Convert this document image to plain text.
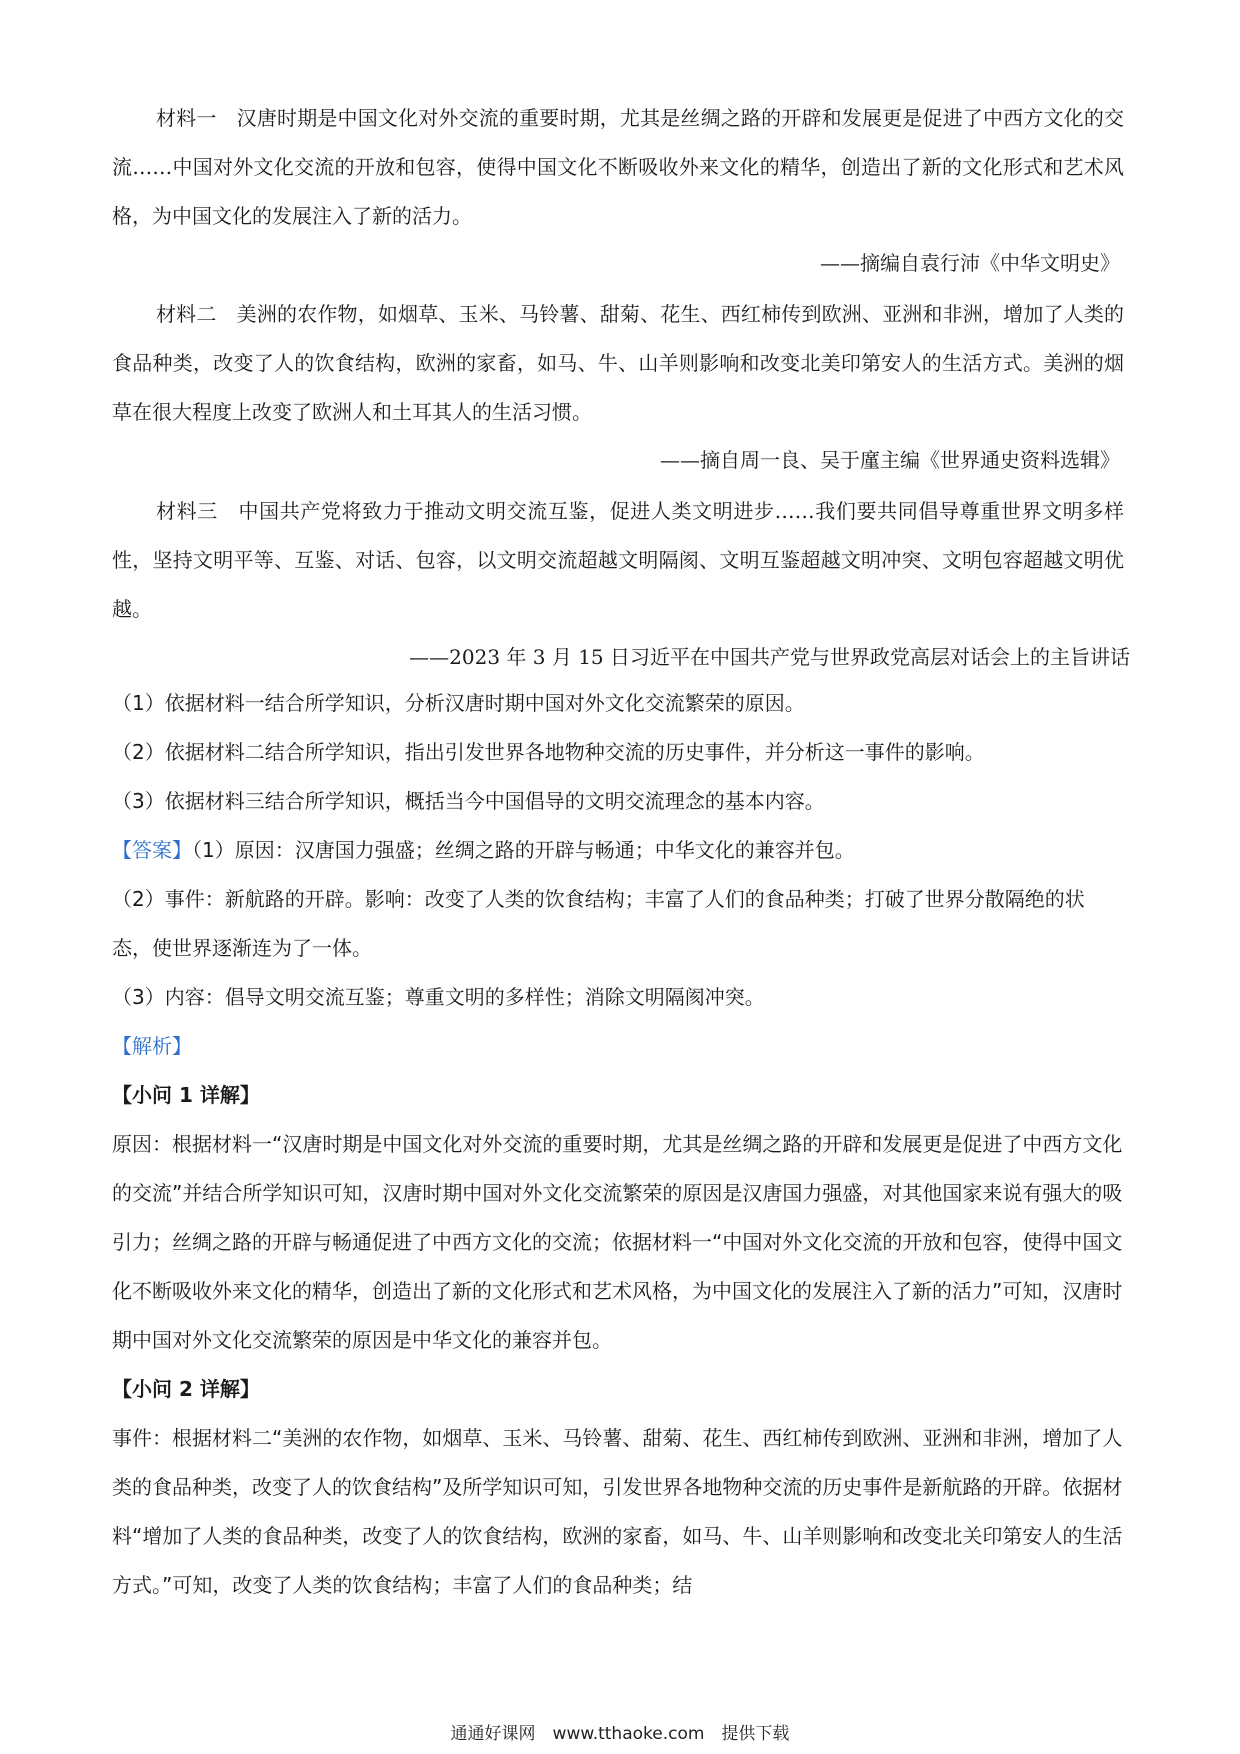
材料一　汉唐时期是中国文化对外交流的重要时期，尤其是丝绸之路的开辟和发展更是促进了中西方文化的交流……中国对外文化交流的开放和包容，使得中国文化不断吸收外来文化的精华，创造出了新的文化形式和艺术风格，为中国文化的发展注入了新的活力。

——摘编自袁行沛《中华文明史》

材料二　美洲的农作物，如烟草、玉米、马铃薯、甜菊、花生、西红柿传到欧洲、亚洲和非洲，增加了人类的食品种类，改变了人的饮食结构，欧洲的家畜，如马、牛、山羊则影响和改变北美印第安人的生活方式。美洲的烟草在很大程度上改变了欧洲人和土耳其人的生活习惯。

——摘自周一良、吴于廑主编《世界通史资料选辑》

材料三　中国共产党将致力于推动文明交流互鉴，促进人类文明进步……我们要共同倡导尊重世界文明多样性，坚持文明平等、互鉴、对话、包容，以文明交流超越文明隔阂、文明互鉴超越文明冲突、文明包容超越文明优越。

——2023 年 3 月 15 日习近平在中国共产党与世界政党高层对话会上的主旨讲话

（1）依据材料一结合所学知识，分析汉唐时期中国对外文化交流繁荣的原因。

（2）依据材料二结合所学知识，指出引发世界各地物种交流的历史事件，并分析这一事件的影响。

（3）依据材料三结合所学知识，概括当今中国倡导的文明交流理念的基本内容。

【答案】（1）原因：汉唐国力强盛；丝绸之路的开辟与畅通；中华文化的兼容并包。

（2）事件：新航路的开辟。影响：改变了人类的饮食结构；丰富了人们的食品种类；打破了世界分散隔绝的状态，使世界逐渐连为了一体。

（3）内容：倡导文明交流互鉴；尊重文明的多样性；消除文明隔阂冲突。

【解析】

【小问 1 详解】

原因：根据材料一“汉唐时期是中国文化对外交流的重要时期，尤其是丝绸之路的开辟和发展更是促进了中西方文化的交流”并结合所学知识可知，汉唐时期中国对外文化交流繁荣的原因是汉唐国力强盛，对其他国家来说有强大的吸引力；丝绸之路的开辟与畅通促进了中西方文化的交流；依据材料一“中国对外文化交流的开放和包容，使得中国文化不断吸收外来文化的精华，创造出了新的文化形式和艺术风格，为中国文化的发展注入了新的活力”可知，汉唐时期中国对外文化交流繁荣的原因是中华文化的兼容并包。

【小问 2 详解】

事件：根据材料二“美洲的农作物，如烟草、玉米、马铃薯、甜菊、花生、西红柿传到欧洲、亚洲和非洲，增加了人类的食品种类，改变了人的饮食结构”及所学知识可知，引发世界各地物种交流的历史事件是新航路的开辟。依据材料“增加了人类的食品种类，改变了人的饮食结构，欧洲的家畜，如马、牛、山羊则影响和改变北关印第安人的生活方式。”可知，改变了人类的饮食结构；丰富了人们的食品种类；结

通通好课网　www.tthaoke.com　提供下载
